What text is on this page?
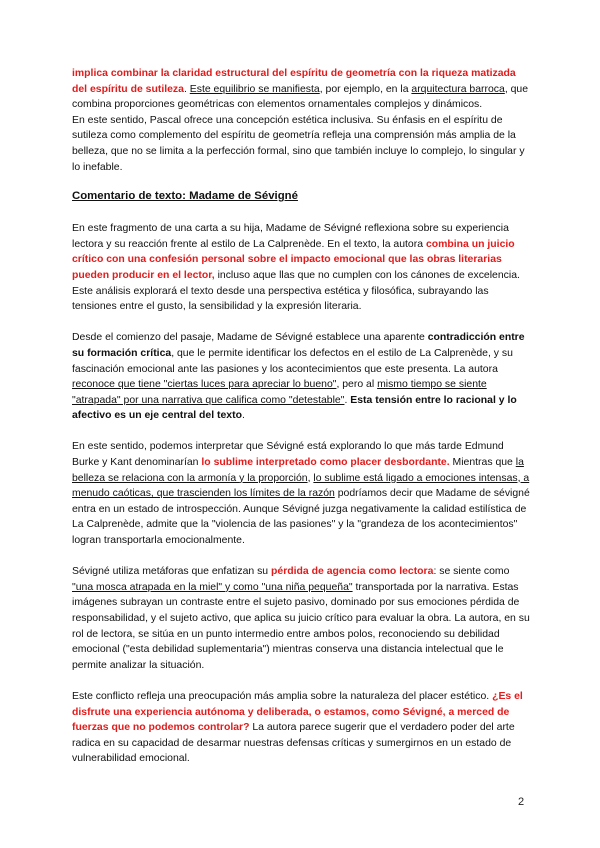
implica combinar la claridad estructural del espíritu de geometría con la riqueza matizada del espíritu de sutileza. Este equilibrio se manifiesta, por ejemplo, en la arquitectura barroca, que combina proporciones geométricas con elementos ornamentales complejos y dinámicos.

En este sentido, Pascal ofrece una concepción estética inclusiva. Su énfasis en el espíritu de sutileza como complemento del espíritu de geometría refleja una comprensión más amplia de la belleza, que no se limita a la perfección formal, sino que también incluye lo complejo, lo singular y lo inefable.

Comentario de texto: Madame de Sévigné

En este fragmento de una carta a su hija, Madame de Sévigné reflexiona sobre su experiencia lectora y su reacción frente al estilo de La Calprenède. En el texto, la autora combina un juicio crítico con una confesión personal sobre el impacto emocional que las obras literarias pueden producir en el lector, incluso aque llas que no cumplen con los cánones de excelencia. Este análisis explorará el texto desde una perspectiva estética y filosófica, subrayando las tensiones entre el gusto, la sensibilidad y la expresión literaria.

Desde el comienzo del pasaje, Madame de Sévigné establece una aparente contradicción entre su formación crítica, que le permite identificar los defectos en el estilo de La Calprenède, y su fascinación emocional ante las pasiones y los acontecimientos que este presenta. La autora reconoce que tiene "ciertas luces para apreciar lo bueno", pero al mismo tiempo se siente "atrapada" por una narrativa que califica como "detestable". Esta tensión entre lo racional y lo afectivo es un eje central del texto.

En este sentido, podemos interpretar que Sévigné está explorando lo que más tarde Edmund Burke y Kant denominarían lo sublime interpretado como placer desbordante. Mientras que la belleza se relaciona con la armonía y la proporción, lo sublime está ligado a emociones intensas, a menudo caóticas, que trascienden los límites de la razón podríamos decir que Madame de sévigné entra en un estado de introspección. Aunque Sévigné juzga negativamente la calidad estilística de La Calprenède, admite que la "violencia de las pasiones" y la "grandeza de los acontecimientos" logran transportarla emocionalmente.

Sévigné utiliza metáforas que enfatizan su pérdida de agencia como lectora: se siente como "una mosca atrapada en la miel" y como "una niña pequeña" transportada por la narrativa. Estas imágenes subrayan un contraste entre el sujeto pasivo, dominado por sus emociones pérdida de responsabilidad, y el sujeto activo, que aplica su juicio crítico para evaluar la obra. La autora, en su rol de lectora, se sitúa en un punto intermedio entre ambos polos, reconociendo su debilidad emocional ("esta debilidad suplementaria") mientras conserva una distancia intelectual que le permite analizar la situación.

Este conflicto refleja una preocupación más amplia sobre la naturaleza del placer estético. ¿Es el disfrute una experiencia autónoma y deliberada, o estamos, como Sévigné, a merced de fuerzas que no podemos controlar? La autora parece sugerir que el verdadero poder del arte radica en su capacidad de desarmar nuestras defensas críticas y sumergirnos en un estado de vulnerabilidad emocional.

2
